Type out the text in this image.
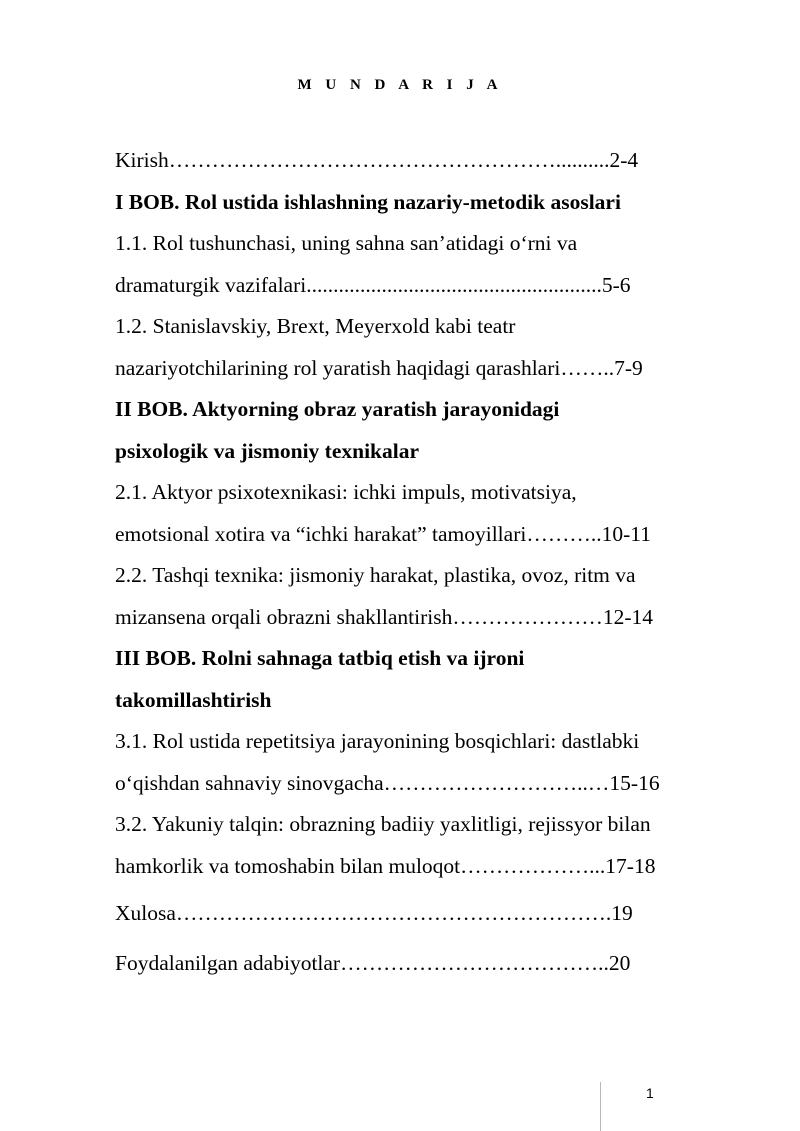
M U N D A R I J A
Kirish………………………………………………..........2-4
I BOB. Rol ustida ishlashning nazariy-metodik asoslari
1.1. Rol tushunchasi, uning sahna san’atidagi o‘rni va
dramaturgik vazifalari.......................................................5-6
1.2. Stanislavskiy, Brext, Meyerxold kabi teatr
nazariyotchilarining rol yaratish haqidagi qarashlari……..7-9
II BOB. Aktyorning obraz yaratish jarayonidagi
psixologik va jismoniy texnikalar
2.1. Aktyor psixotexnikasi: ichki impuls, motivatsiya,
emotsional xotira va “ichki harakat” tamoyillari………..10-11
2.2. Tashqi texnika: jismoniy harakat, plastika, ovoz, ritm va
mizansena orqali obrazni shakllantirish…………………12-14
III BOB. Rolni sahnaga tatbiq etish va ijroni
takomillashtirish
3.1. Rol ustida repetitsiya jarayonining bosqichlari: dastlabki
o‘qishdan sahnaviy sinovgacha………………………..…15-16
3.2. Yakuniy talqin: obrazning badiiy yaxlitligi, rejissyor bilan
hamkorlik va tomoshabin bilan muloqot………………...17-18
Xulosa…………………………………………………….19
Foydalanilgan adabiyotlar………………………………..20
1
